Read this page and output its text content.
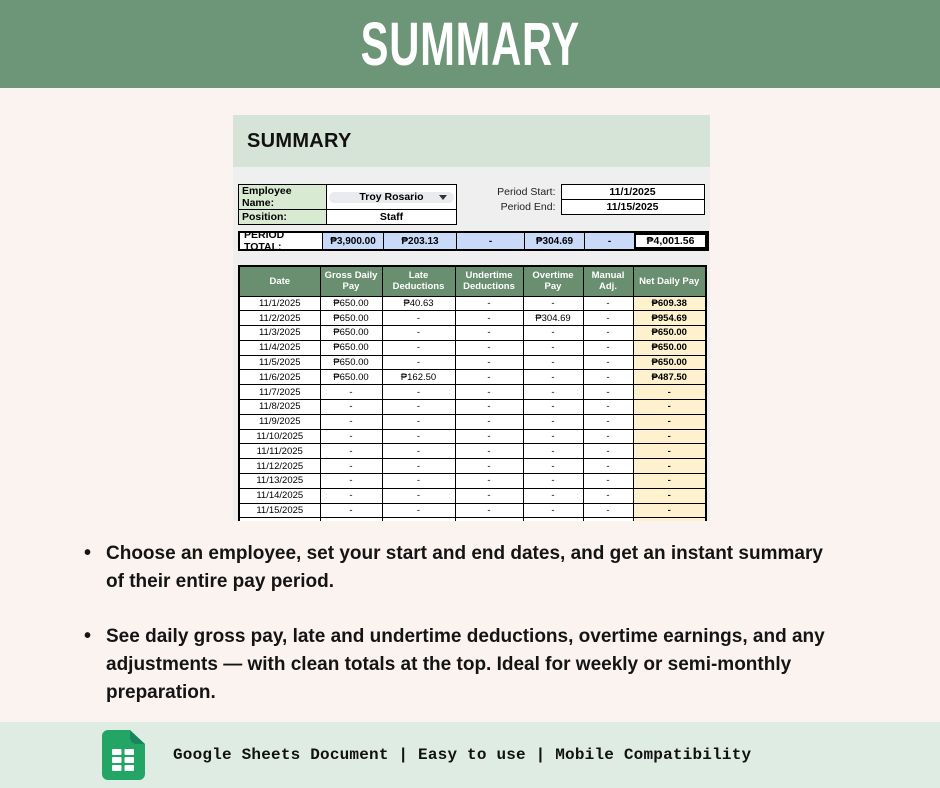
SUMMARY
SUMMARY
Employee Name:	Troy Rosario

Position:	Staff
Period Start:	11/1/2025
Period End:	11/15/2025
PERIOD TOTAL:	₱3,900.00	₱203.13	-	₱304.69	-	₱4,001.56
Date	Gross Daily Pay	Late Deductions	Undertime Deductions	Overtime Pay	Manual Adj.	Net Daily Pay
11/1/2025	₱650.00	₱40.63	-	-	-	₱609.38
11/2/2025	₱650.00	-	-	₱304.69	-	₱954.69
11/3/2025	₱650.00	-	-	-	-	₱650.00
11/4/2025	₱650.00	-	-	-	-	₱650.00
11/5/2025	₱650.00	-	-	-	-	₱650.00
11/6/2025	₱650.00	₱162.50	-	-	-	₱487.50
11/7/2025	-	-	-	-	-	-
11/8/2025	-	-	-	-	-	-
11/9/2025	-	-	-	-	-	-
11/10/2025	-	-	-	-	-	-
11/11/2025	-	-	-	-	-	-
11/12/2025	-	-	-	-	-	-
11/13/2025	-	-	-	-	-	-
11/14/2025	-	-	-	-	-	-
11/15/2025	-	-	-	-	-	-

• Choose an employee, set your start and end dates, and get an instant summary of their entire pay period.
• See daily gross pay, late and undertime deductions, overtime earnings, and any adjustments — with clean totals at the top. Ideal for weekly or semi-monthly preparation.
Google Sheets Document | Easy to use | Mobile Compatibility
